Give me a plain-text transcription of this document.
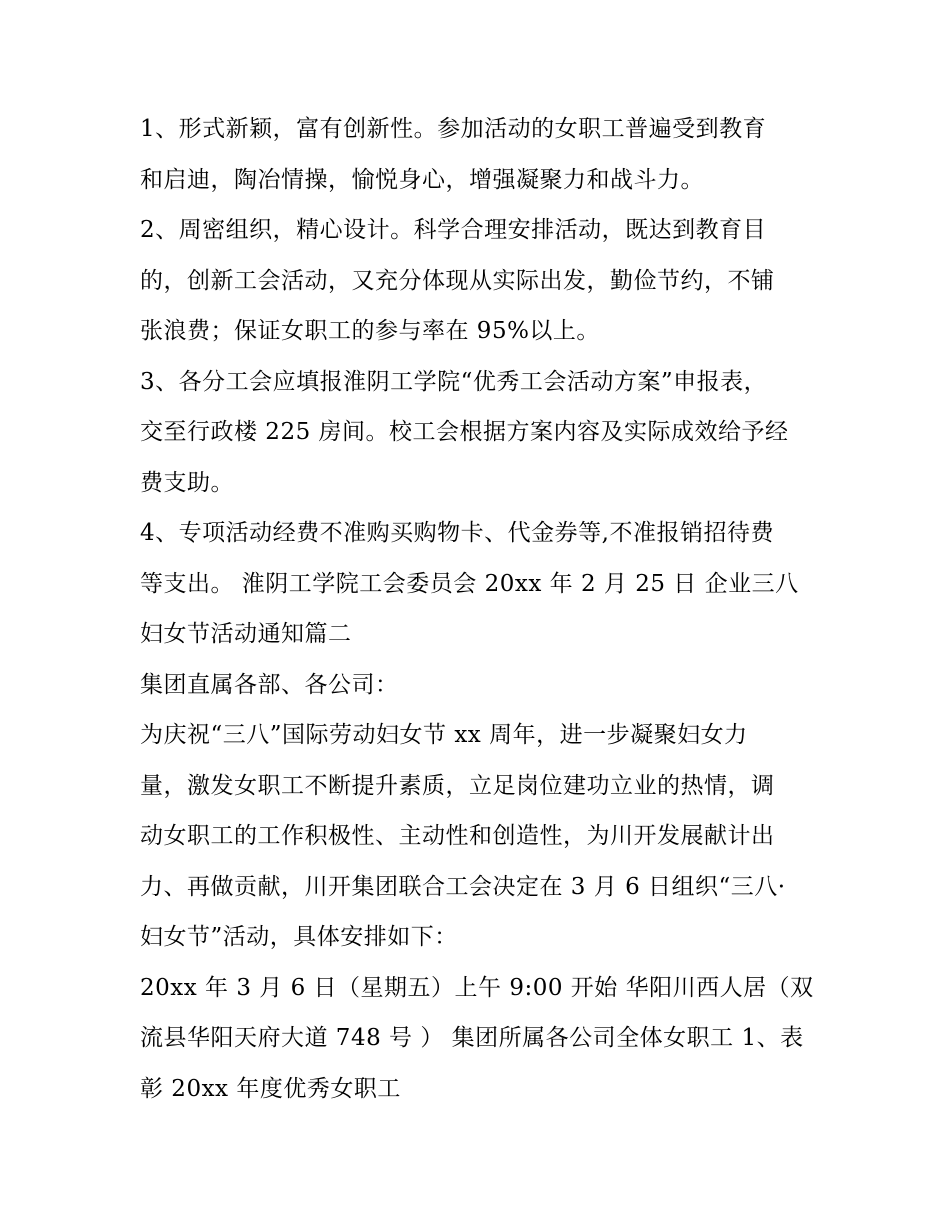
1、形式新颖，富有创新性。参加活动的女职工普遍受到教育
和启迪，陶冶情操，愉悦身心，增强凝聚力和战斗力。

2、周密组织，精心设计。科学合理安排活动，既达到教育目
的，创新工会活动，又充分体现从实际出发，勤俭节约，不铺
张浪费；保证女职工的参与率在 95%以上。

3、各分工会应填报淮阴工学院“优秀工会活动方案”申报表，
交至行政楼 225 房间。校工会根据方案内容及实际成效给予经
费支助。

4、专项活动经费不准购买购物卡、代金券等,不准报销招待费
等支出。 淮阴工学院工会委员会 20xx 年 2 月 25 日 企业三八
妇女节活动通知篇二

集团直属各部、各公司：

为庆祝“三八”国际劳动妇女节 xx 周年，进一步凝聚妇女力
量，激发女职工不断提升素质，立足岗位建功立业的热情，调
动女职工的工作积极性、主动性和创造性，为川开发展献计出
力、再做贡献，川开集团联合工会决定在 3 月 6 日组织“三八·
妇女节”活动，具体安排如下：

20xx 年 3 月 6 日（星期五）上午 9:00 开始 华阳川西人居（双
流县华阳天府大道 748 号 ） 集团所属各公司全体女职工 1、表
彰 20xx 年度优秀女职工
